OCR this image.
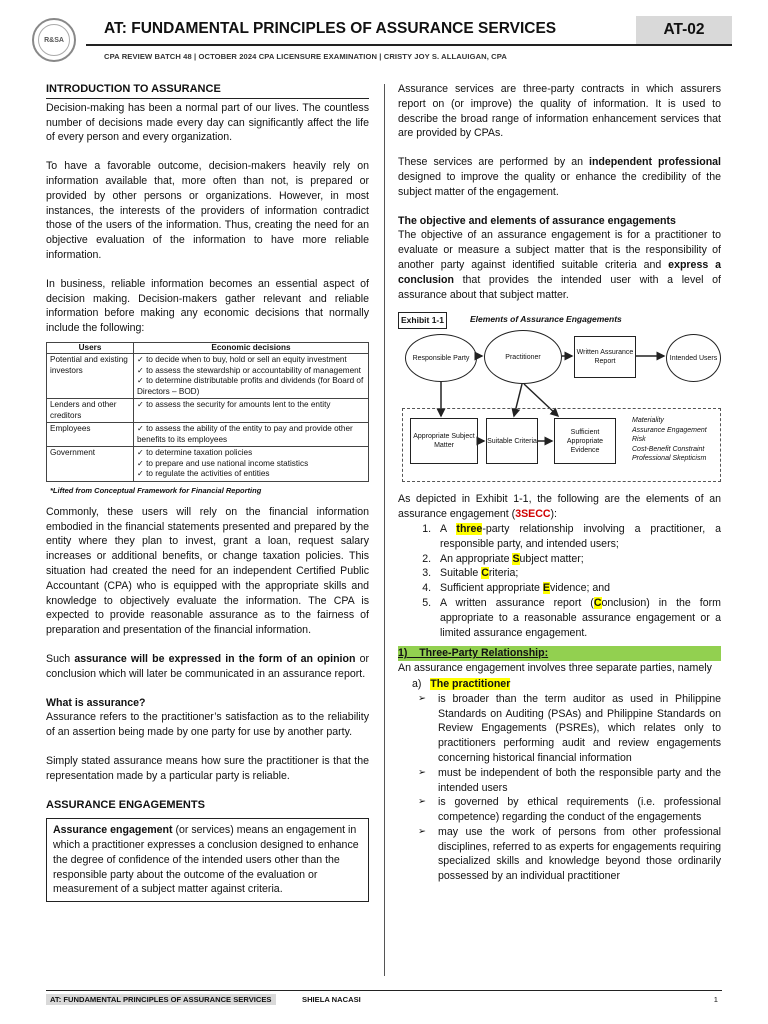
R&SA
AT: FUNDAMENTAL PRINCIPLES OF ASSURANCE SERVICES	AT-02
CPA REVIEW BATCH 48 | OCTOBER 2024 CPA LICENSURE EXAMINATION | CRISTY JOY S. ALLAUIGAN, CPA
INTRODUCTION TO ASSURANCE

Decision-making has been a normal part of our lives. The countless number of decisions made every day can significantly affect the life of every person and every organization.

To have a favorable outcome, decision-makers heavily rely on information available that, more often than not, is prepared or provided by other persons or organizations. However, in most instances, the interests of the providers of information contradict those of the users of the information. Thus, creating the need for an objective evaluation of the information to have more reliable information.

In business, reliable information becomes an essential aspect of decision making. Decision-makers gather relevant and reliable information before making any economic decisions that normally include the following:

Users	Economic decisions
Potential and existing investors	✓ to decide when to buy, hold or sell an equity investment
✓ to assess the stewardship or accountability of management
✓ to determine distributable profits and dividends (for Board of Directors – BOD)

Lenders and other creditors	✓ to assess the security for amounts lent to the entity

Employees	✓ to assess the ability of the entity to pay and provide other benefits to its employees

Government	✓ to determine taxation policies
✓ to prepare and use national income statistics
✓ to regulate the activities of entities
*Lifted from Conceptual Framework for Financial Reporting

Commonly, these users will rely on the financial information embodied in the financial statements presented and prepared by the entity where they plan to invest, grant a loan, request salary increases or additional benefits, or change taxation policies. This situation had created the need for an independent Certified Public Accountant (CPA) who is equipped with the appropriate skills and knowledge to objectively evaluate the information. The CPA is expected to provide reasonable assurance as to the fairness of preparation and presentation of the financial information.

Such assurance will be expressed in the form of an opinion or conclusion which will later be communicated in an assurance report.

What is assurance?

Assurance refers to the practitioner’s satisfaction as to the reliability of an assertion being made by one party for use by another party.

Simply stated assurance means how sure the practitioner is that the representation made by a particular party is reliable.

ASSURANCE ENGAGEMENTS
Assurance engagement (or services) means an engagement in which a practitioner expresses a conclusion designed to enhance the degree of confidence of the intended users other than the responsible party about the outcome of the evaluation or measurement of a subject matter against criteria.

Assurance services are three-party contracts in which assurers report on (or improve) the quality of information. It is used to describe the broad range of information enhancement services that are provided by CPAs.

These services are performed by an independent professional designed to improve the quality or enhance the credibility of the subject matter of the engagement.

The objective and elements of assurance engagements

The objective of an assurance engagement is for a practitioner to evaluate or measure a subject matter that is the responsibility of another party against identified suitable criteria and express a conclusion that provides the intended user with a level of assurance about that subject matter.

Exhibit 1-1	Elements of Assurance Engagements
Responsible Party	Practitioner
Written Assurance Report	Intended Users
Appropriate Subject Matter
Suitable Criteria
Sufficient Appropriate Evidence
Materiality
Assurance Engagement Risk
Cost-Benefit Constraint
Professional Skepticism

As depicted in Exhibit 1-1, the following are the elements of an assurance engagement (3SECC):

1. A three-party relationship involving a practitioner, a responsible party, and intended users;
2. An appropriate Subject matter;
3. Suitable Criteria;
4. Sufficient appropriate Evidence; and
5. A written assurance report (Conclusion) in the form appropriate to a reasonable assurance engagement or a limited assurance engagement.
1)    Three-Party Relationship:

An assurance engagement involves three separate parties, namely

a) The practitioner
➢ is broader than the term auditor as used in Philippine Standards on Auditing (PSAs) and Philippine Standards on Review Engagements (PSREs), which relates only to practitioners performing audit and review engagements concerning historical financial information
➢ must be independent of both the responsible party and the intended users
➢ is governed by ethical requirements (i.e. professional competence) regarding the conduct of the engagements
➢ may use the work of persons from other professional disciplines, referred to as experts for engagements requiring specialized skills and knowledge beyond those ordinarily possessed by an individual practitioner
AT: FUNDAMENTAL PRINCIPLES OF ASSURANCE SERVICES	SHIELA NACASI	1
